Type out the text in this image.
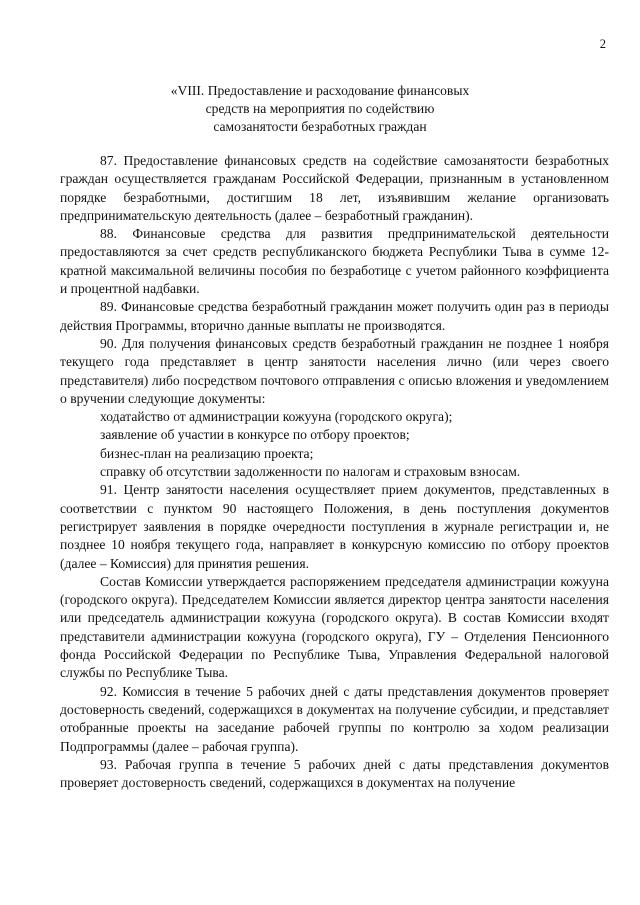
2
«VIII. Предоставление и расходование финансовых
средств на мероприятия по содействию
самозанятости безработных граждан

87. Предоставление финансовых средств на содействие самозанятости безработных граждан осуществляется гражданам Российской Федерации, признанным в установленном порядке безработными, достигшим 18 лет, изъявившим желание организовать предпринимательскую деятельность (далее – безработный гражданин).

88. Финансовые средства для развития предпринимательской деятельности предоставляются за счет средств республиканского бюджета Республики Тыва в сумме 12-кратной максимальной величины пособия по безработице с учетом районного коэффициента и процентной надбавки.

89. Финансовые средства безработный гражданин может получить один раз в периоды действия Программы, вторично данные выплаты не производятся.

90. Для получения финансовых средств безработный гражданин не позднее 1 ноября текущего года представляет в центр занятости населения лично (или через своего представителя) либо посредством почтового отправления с описью вложения и уведомлением о вручении следующие документы:

ходатайство от администрации кожууна (городского округа);

заявление об участии в конкурсе по отбору проектов;

бизнес-план на реализацию проекта;

справку об отсутствии задолженности по налогам и страховым взносам.

91. Центр занятости населения осуществляет прием документов, представленных в соответствии с пунктом 90 настоящего Положения, в день поступления документов регистрирует заявления в порядке очередности поступления в журнале регистрации и, не позднее 10 ноября текущего года, направляет в конкурсную комиссию по отбору проектов (далее – Комиссия) для принятия решения.

Состав Комиссии утверждается распоряжением председателя администрации кожууна (городского округа). Председателем Комиссии является директор центра занятости населения или председатель администрации кожууна (городского округа). В состав Комиссии входят представители администрации кожууна (городского округа), ГУ – Отделения Пенсионного фонда Российской Федерации по Республике Тыва, Управления Федеральной налоговой службы по Республике Тыва.

92. Комиссия в течение 5 рабочих дней с даты представления документов проверяет достоверность сведений, содержащихся в документах на получение субсидии, и представляет отобранные проекты на заседание рабочей группы по контролю за ходом реализации Подпрограммы (далее – рабочая группа).

93. Рабочая группа в течение 5 рабочих дней с даты представления документов проверяет достоверность сведений, содержащихся в документах на получение
